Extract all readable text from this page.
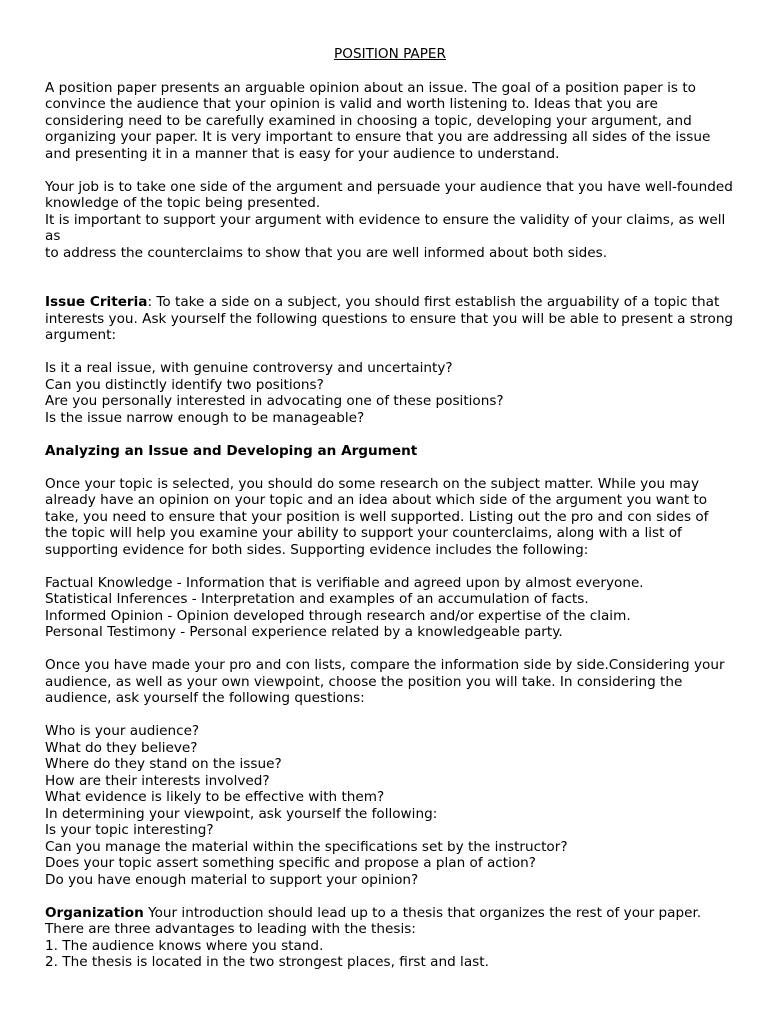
POSITION PAPER

A position paper presents an arguable opinion about an issue. The goal of a position paper is to convince the audience that your opinion is valid and worth listening to. Ideas that you are considering need to be carefully examined in choosing a topic, developing your argument, and organizing your paper. It is very important to ensure that you are addressing all sides of the issue and presenting it in a manner that is easy for your audience to understand.

Your job is to take one side of the argument and persuade your audience that you have well-founded knowledge of the topic being presented.

It is important to support your argument with evidence to ensure the validity of your claims, as well as

to address the counterclaims to show that you are well informed about both sides.

Issue Criteria: To take a side on a subject, you should first establish the arguability of a topic that interests you. Ask yourself the following questions to ensure that you will be able to present a strong argument:

Is it a real issue, with genuine controversy and uncertainty?
Can you distinctly identify two positions?
Are you personally interested in advocating one of these positions?
Is the issue narrow enough to be manageable?
Analyzing an Issue and Developing an Argument

Once your topic is selected, you should do some research on the subject matter. While you may already have an opinion on your topic and an idea about which side of the argument you want to take, you need to ensure that your position is well supported. Listing out the pro and con sides of the topic will help you examine your ability to support your counterclaims, along with a list of supporting evidence for both sides. Supporting evidence includes the following:

Factual Knowledge - Information that is verifiable and agreed upon by almost everyone.
Statistical Inferences - Interpretation and examples of an accumulation of facts.
Informed Opinion - Opinion developed through research and/or expertise of the claim.
Personal Testimony - Personal experience related by a knowledgeable party.

Once you have made your pro and con lists, compare the information side by side.Considering your audience, as well as your own viewpoint, choose the position you will take. In considering the audience, ask yourself the following questions:

Who is your audience?
What do they believe?
Where do they stand on the issue?
How are their interests involved?
What evidence is likely to be effective with them?
In determining your viewpoint, ask yourself the following:
Is your topic interesting?
Can you manage the material within the specifications set by the instructor?
Does your topic assert something specific and propose a plan of action?
Do you have enough material to support your opinion?

Organization Your introduction should lead up to a thesis that organizes the rest of your paper. There are three advantages to leading with the thesis:

1. The audience knows where you stand.
2. The thesis is located in the two strongest places, first and last.
